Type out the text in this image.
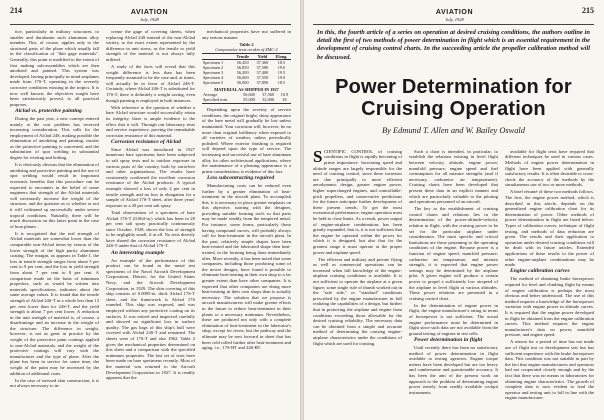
214	AVIATION
July, 1928

tice, particularly in military structures, to smaller and duralumin such aluminum alloy member. This, of course, applies only to the structural parts of the plane which usually fall in the classification of "thin gage materials". Generally, this point is modified to the extent of first making sub-assemblies which are then anodized and painted. This system was developed, having principally in mind seaplanes made from 17S-T, operating in the severely corrosive conditions existing in the tropics. It is now well known, the objectives sought have been satisfactorily proved, to all practical purposes.

Alclad vs. protective painting

During the past year, a new concept entered mainly at the cost problem has received increasing consideration. This calls for the employment of Alclad 24S, making possible the elimination of anodizing and painting, insofar as the protective painting is concerned, and the substitution of spot welding in substantial degree for riveting and bolting.

It is obviously obvious that the elimination of anodizing and protective painting and the use of spot welding would result in important economic benefits that this procedure can be expected to encounter in the belief of some engineers that strength of the Alclad materials will necessarily increase the weight of the structure, and the question as to whether or not it will withstand sp successfully under severe tropical conditions. Naturally, there will be much discussion on this latter point in the case of boat planes.

It is recognized that the real strength of Alclad materials are somewhat lower than the comparable non-Alclad items by reason of the lower strength of the high purity aluminum coating. The margin, as appears in Table I, the loss in tensile strength ranges from about 5 per cent to 9 per cent, and the loss in yield strength from about 7 per cent to 8 per cent. A comparison made on the basis of minimum properties, such as would be written into materials specifications, indicates about the same average values. It is found that the tensile strength of Alclad 24S-T in a whole less than 13 per cent lower than for 24S-T, and the yield strength is about 7 per cent lower. A reduction in the unit strength of material is, of course, a disadvantage and an increase in the weight of the structure. The difference in weight, however, is not as great in practice by the weight of the protective paint coatings applied to non-Alclad materials, and the weight of the protective coatings will vary with the manufacturer and the type of plane. After the plane has been in service for some time, the weight of the paint may be increased by the addition of additional coats.

In the case of stressed skin construction, it is not always necessary to in-

crease the gage of covering sheets, when replacing Alclad 24S instead of the non-Alclad variety, to the exact extent represented by the difference in unit stress, as the tensile or yield strength of the material is not always fully utilized.

A study of the facts will reveal that this weight difference is less than has been frequently assumed to be the case and, at times, will actually be in favor of Alclad 24S-T. Certainly, where Alclad 24S-T is substituted for 17S-T, there is definitely a weight saving, even though painting is employed in both instances.

With reference to the question of whether a bare Alclad structure would successfully retain its integrity, there is ample evidence to the effect that it will. Through our laboratory tests and service experience, proving the remarkable corrosion resistance of this material.

Corrosion resistance of Alclad

Since Alclad was introduced in 1927 numerous bare specimens have been subjected to salt spray tests and to outdoor exposure in various parts of the country, both by ourselves and other organizations. The results have consistently confirmed the excellent corrosion resistance of the Alclad products. A typical example showed a loss of only 2 per cent in tensile strength and no loss in elongation for a sample of Alclad 17S-T sheet, after three years' exposure to a 20 per cent salt spray.

Total observations of a specimen of bare Alclad 17S-T (0.064-in.) which has been in 20 per cent salt spray practically continuously since October, 1928, shows the loss of strength to be negligibly small, if at all. No tests directly have shared the corrosion resistance of Alclad 24S-T under that of Alclad 17S-T.

An interesting example

An example of the performance of this product can be found in the metal test specimens of the Naval Aircraft Development Corporation, Detroit, for the United States Navy, and the Aircraft Development Corporation, in 1929. The skin covering of this ship consists of 0.0095-in. thick Alclad 17S-T sheet, and the framework is Alclad 17S rounded. This ship was exposed, and was employed without any protective coating on its surfaces. It was retired and inspected carefully and showed no significant loss in surface quality. The gas bags of this ship's hull were covered with Alclad 24S-T and remained. The sheets were of 17S-T and also 1962. Table 2 gives the mechanical properties determined on this sheet and a comparison with the specified minimum properties. The last set of tests have been made on bare specimens recently. Most of the material was returned to the Aircraft Development Corporation in 1927. It is readily apparent that the

mechanical properties have not suffered in any serious manner.

Table 2
Comparative tests on skin of ZMC-2
	Tensile	Yield	Elong.
Specimen 1	56,450	37,360	18.5
Specimen 2	56,850	37,580	19.0
Specimen 3	56,200	37,400	19.5
Specimen 4	56,600	37,550	19.0
Specimen 5	56,900	37,890	18.5
MATERIAL AS SHIPPED IN 1927
Average	56,600	37,560	18.9
Specified min.	55,000	32,000	18

Depending upon the severity of service conditions, the original bright, shiny appearance of the bare metal will gradually be lost unless maintained. Your corrosion will, however, be no more than original brilliancy when exposed to all varieties of weather, unless periodically polished. Where exterior finishing is required will depend upon the type of service. The increasing and successful use of bare aluminum alloy for other architectural applications, where the maintenance of a pleasing appearance is a prime consideration, is evidence of this fact.

Less subcontracting required

Manufacturing costs can be reduced even further by a greater elimination of heat-treatment in the aircraft plant. To accomplish this, it is necessary to place greater emphasis on this objective, starting with the designer, providing suitable forming tools so that parts may be made readily from the tempered metal. For instance, some forms, particularly those having compound curves, will probably always call for heat-treatment in the aircraft plant. In the past, relatively simple shapes have been heat-treated and the fabricated shape then heat-treated, in the forming being done immediately after. More recently, it has been noted that some companies, including those producing some of the newer designs, have found it possible to eliminate heat-treating in their own shop to a far greater extent than have other companies. It is expected that other companies are doing more heat-treating in their own shops than is actually necessary. The solution that we propose is aircraft manufacturers will make greater efforts in the future to reduce heat-treatment in their plants to a necessary minimum. Nevertheless, these are produced not only with a complete elimination of heat-treatment in the fabricator's shop, except for rivets, but the pathway and the ultimate may be sent forward in sheet that has been cold rolled further after heat-treatment and aging, i.e., 17S-HT and 24S-RT.

AVIATION
July, 1928
215
In this, the fourth article of a series on operation at desired cruising conditions, the authors outline in detail the first of two methods of power determination in flight which is an essential requirement in the development of cruising control charts. In the succeeding article the propeller calibration method will be discussed.
Power Determination for
Cruising Operation
By Edmund T. Allen and W. Bailey Oswald

S CIENTIFIC CONTROL of cruising conditions in flight is rapidly becoming of prime importance. Increasing speed and altitude ranges are largely responsible for the need of cruising control, since these increases are due principally to more efficient aerodynamic design, greater engine power, higher supercharged engines, and controllable-pitch propellers, and conservative predictions for the future anticipate further development of these present trends. To get the most economical performance, engine operation must be held to close limits. As a result, power output of engine-airplane combinations has been greatly expanded, that is, it is not sufficient that the engine be operated within the power for which it is designed, but also that for the greatest range it must operate at the proper power and airplane speed.

The efficient and military and private flying as well as commercial operations can be increased when full knowledge of the engine-airplane cruising conditions is available. It is not sufficient to operate the airplane at a given figure; some single rule of thumb worked out in the "safe side," or "standard" conditions prescribed by the engine manufacturer in full realizing the capabilities of a design, but further that in protecting the airplane and engine from conditions exceeding those allowable for the desired cruising reliability. The necessary data can be obtained from a simple and accurate method of determining the cruising engine-airplane characteristics under the conditions of flight which are used for cruising.

Such a chart is intended, in particular, to establish the relations existing in level flight between velocity, altitude, engine power, manifold pressure, engine speed and fuel consumption for all mixture strengths (and if necessary, carburetor air temperatures). Cruising charts have been developed that present these data in an explicit manner and which are particularly valuable to the piloting and operations personnel of an aircraft.

The key to the establishment of cruising control charts and relations lies in the determination of the power-altitude-velocity relation in flight, with the cruising power to be set for the particular airplane under consideration. The most specific and critical limitations are those pertaining to the operating conditions of the engine. Because power is a function of engine speed, manifold pressure, carburetor air temperature, and mixture strength, it is expected that engine power settings may be determined by the airplane pilot. A given engine will produce a certain power to propel a sufficiently low airspeed of the airplane in level flight at various altitudes. These power relations are presented in a cruising control chart.

In the determination of engine power in flight, the engine manufacturer's rating in terms of horsepower is not sufficient. The actual engine performance must be determined in flight since such data are not available from the ground testing of engines in test cells.

Power determination in flight

Until recently there has been no satisfactory method of power determination in flight available to testing agencies. Engine torque meters have been developed but are too heavy and cumbersome and questionable accuracy. It has been the aim of the present work an approach to the problem of determining engine power merely from readily available cockpit instruments.

available for flight tests have required that different techniques be used in various cases. Methods of engine power determination in flight have been applied with generally satisfactory results. It is often desirable to cross-check the accuracy of the methods by the simultaneous use of two or more methods.

A brief résumé of these two methods follows. The first, the engine power method, which is described in this article, depends on the generalized engine calibration chart for its determination of power. Other methods of power determination in flight are listed below. Types of calibration curves, technique of flight testing, and methods of data reduction are given. The results and their application to operation under desired cruising conditions will be dealt with in future articles. Extended applications of these results to the power of other engine-airplane combinations may be made.

Engine calibration curves

The method of obtaining brake horsepower required for level and climbing flight by means of engine calibration is perhaps the most obvious and better understood. The use of this method requires a knowledge of the horsepower variation with engine power in altitude curves. It is required that the engine power developed in flight be obtained from the engine calibration curves. This method requires the engine manufacturer's data on power, manifold pressure, and engine speed.

A reason for a period of time has not made use of flight test or development sets but has sufficient experience with the brake horsepower data. This condition was not suitable in part by the fact that engine manufacturers and operators had not cooperated closely enough and by the fact that there was no means in laboratories for obtaining engine characteristics. The growth of complete data is now evident to lead the operator and testing unit to full in line with the engine manufacturer.
